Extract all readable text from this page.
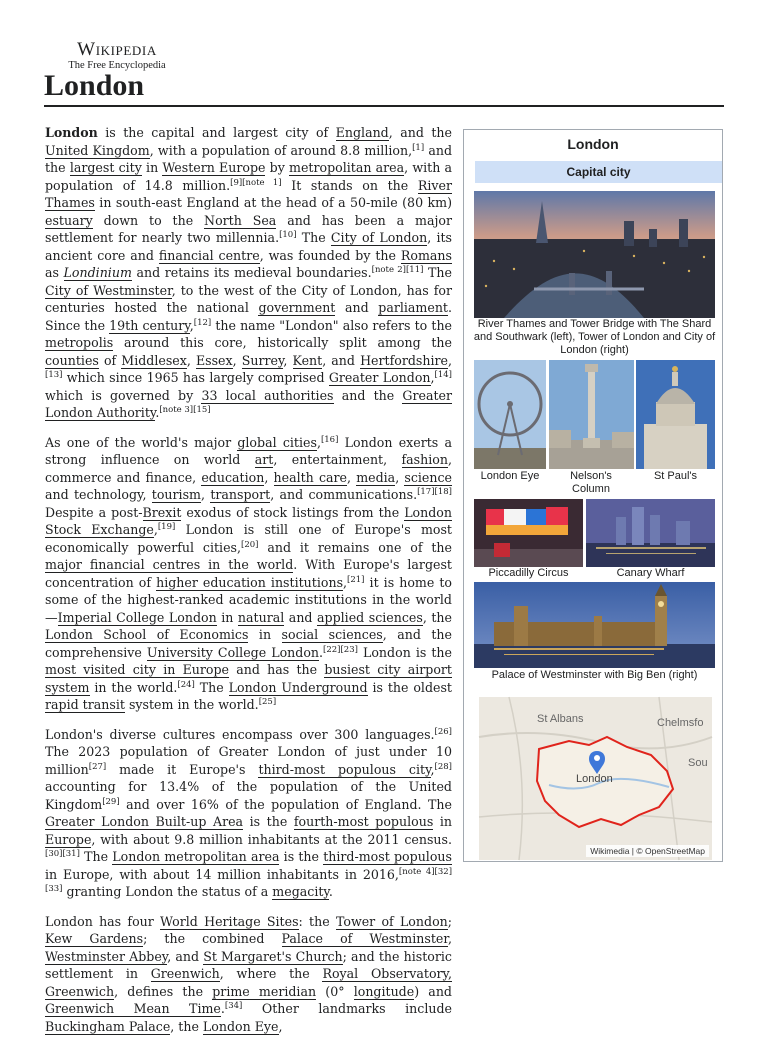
Wikipedia
The Free Encyclopedia
London

London is the capital and largest city of England, and the United Kingdom, with a population of around 8.8 million,[1] and the largest city in Western Europe by metropolitan area, with a population of 14.8 million.[9][note 1] It stands on the River Thames in south-east England at the head of a 50-mile (80 km) estuary down to the North Sea and has been a major settlement for nearly two millennia.[10] The City of London, its ancient core and financial centre, was founded by the Romans as Londinium and retains its medieval boundaries.[note 2][11] The City of Westminster, to the west of the City of London, has for centuries hosted the national government and parliament. Since the 19th century,[12] the name "London" also refers to the metropolis around this core, historically split among the counties of Middlesex, Essex, Surrey, Kent, and Hertfordshire,[13] which since 1965 has largely comprised Greater London,[14] which is governed by 33 local authorities and the Greater London Authority.[note 3][15]

As one of the world's major global cities,[16] London exerts a strong influence on world art, entertainment, fashion, commerce and finance, education, health care, media, science and technology, tourism, transport, and communications.[17][18] Despite a post-Brexit exodus of stock listings from the London Stock Exchange,[19] London is still one of Europe's most economically powerful cities,[20] and it remains one of the major financial centres in the world. With Europe's largest concentration of higher education institutions,[21] it is home to some of the highest-ranked academic institutions in the world—Imperial College London in natural and applied sciences, the London School of Economics in social sciences, and the comprehensive University College London.[22][23] London is the most visited city in Europe and has the busiest city airport system in the world.[24] The London Underground is the oldest rapid transit system in the world.[25]

London's diverse cultures encompass over 300 languages.[26] The 2023 population of Greater London of just under 10 million[27] made it Europe's third-most populous city,[28] accounting for 13.4% of the population of the United Kingdom[29] and over 16% of the population of England. The Greater London Built-up Area is the fourth-most populous in Europe, with about 9.8 million inhabitants at the 2011 census.[30][31] The London metropolitan area is the third-most populous in Europe, with about 14 million inhabitants in 2016,[note 4][32][33] granting London the status of a megacity.

London has four World Heritage Sites: the Tower of London; Kew Gardens; the combined Palace of Westminster, Westminster Abbey, and St Margaret's Church; and the historic settlement in Greenwich, where the Royal Observatory, Greenwich, defines the prime meridian (0° longitude) and Greenwich Mean Time.[34] Other landmarks include Buckingham Palace, the London Eye,

London
Capital city
River Thames and Tower Bridge with The Shard and Southwark (left), Tower of London and City of London (right)
London Eye	Nelson's Column
St Paul's
Piccadilly Circus	Canary Wharf
Palace of Westminster with Big Ben (right)
St Albans	Chelmsfo
Sou
London
Wikimedia | © OpenStreetMap
